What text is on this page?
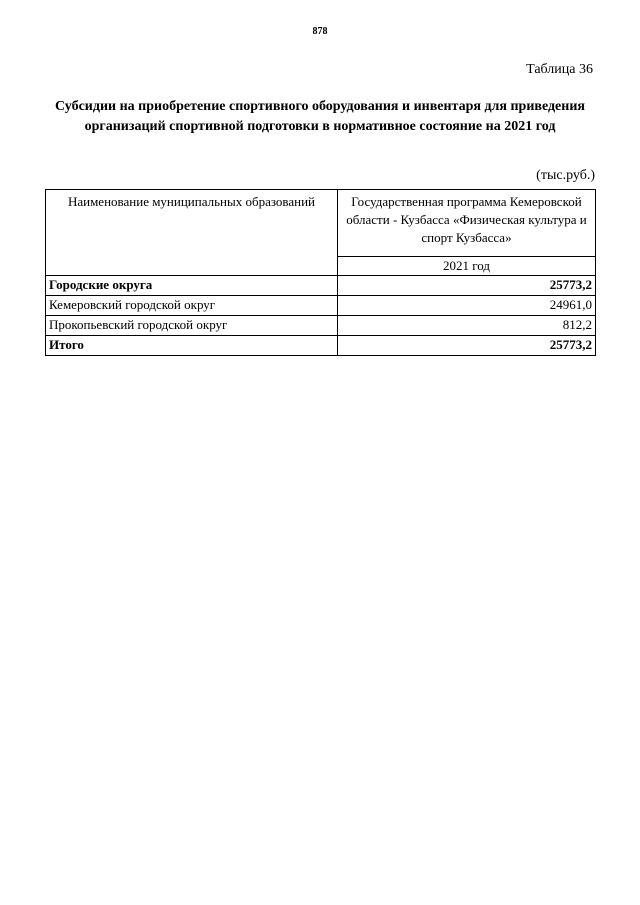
878
Таблица 36
Субсидии на приобретение спортивного оборудования и инвентаря для приведения
организаций спортивной подготовки в нормативное состояние на 2021 год
(тыс.руб.)
Наименование муниципальных образований	Государственная программа Кемеровской области - Кузбасса «Физическая культура и спорт Кузбасса»
	2021 год
Городские округа	25773,2
Кемеровский городской округ	24961,0
Прокопьевский городской округ	812,2
Итого	25773,2
